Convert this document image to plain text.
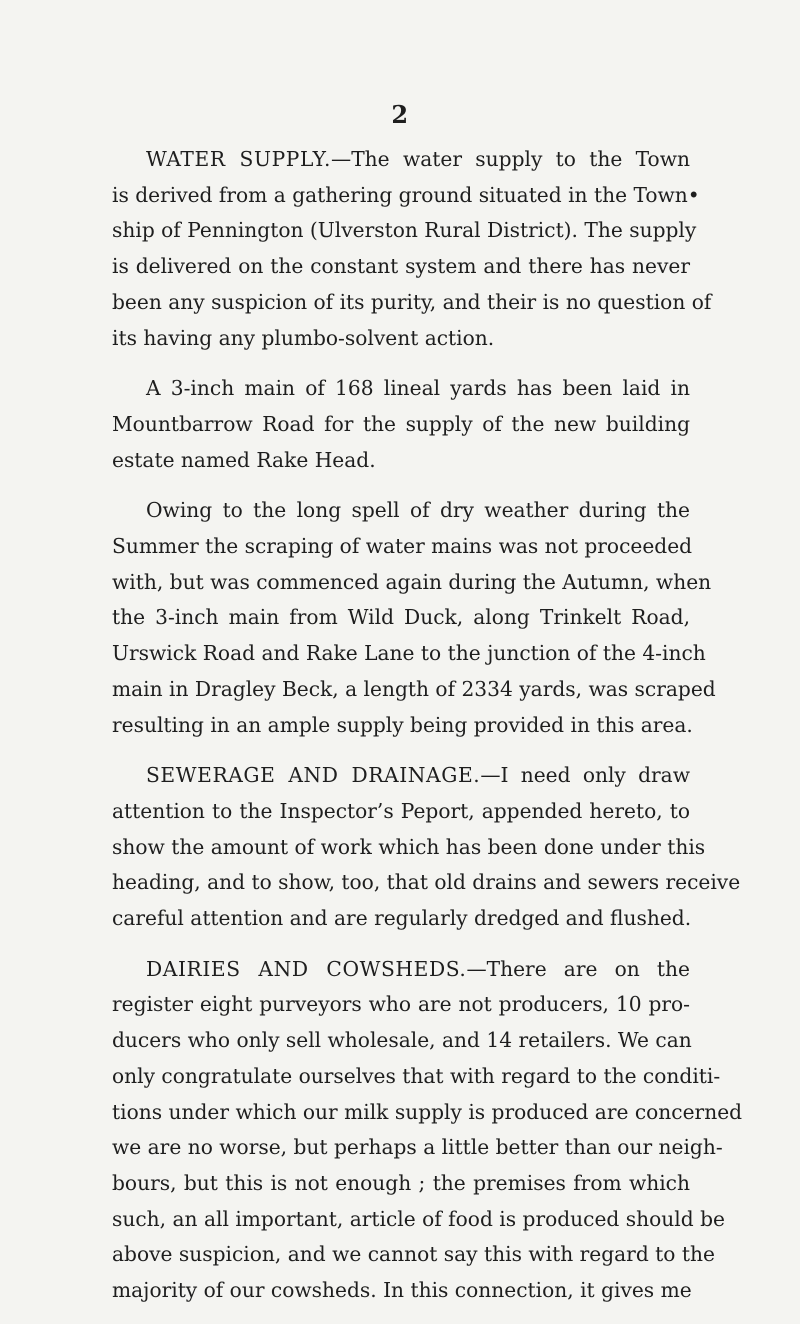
2
WATER SUPPLY.—The water supply to the Town
is derived from a gathering ground situated in the Town•
ship of Pennington (Ulverston Rural District). The supply
is delivered on the constant system and there has never
been any suspicion of its purity, and their is no question of
its having any plumbo-solvent action.
A 3-inch main of 168 lineal yards has been laid in
Mountbarrow Road for the supply of the new building
estate named Rake Head.
Owing to the long spell of dry weather during the
Summer the scraping of water mains was not proceeded
with, but was commenced again during the Autumn, when
the 3-inch main from Wild Duck, along Trinkelt Road,
Urswick Road and Rake Lane to the junction of the 4-inch
main in Dragley Beck, a length of 2334 yards, was scraped
resulting in an ample supply being provided in this area.
SEWERAGE AND DRAINAGE.—I need only draw
attention to the Inspector’s Peport, appended hereto, to
show the amount of work which has been done under this
heading, and to show, too, that old drains and sewers receive
careful attention and are regularly dredged and flushed.
DAIRIES AND COWSHEDS.—There are on the
register eight purveyors who are not producers, 10 pro-
ducers who only sell wholesale, and 14 retailers. We can
only congratulate ourselves that with regard to the conditi-
tions under which our milk supply is produced are concerned
we are no worse, but perhaps a little better than our neigh-
bours, but this is not enough ; the premises from which
such, an all important, article of food is produced should be
above suspicion, and we cannot say this with regard to the
majority of our cowsheds. In this connection, it gives me
